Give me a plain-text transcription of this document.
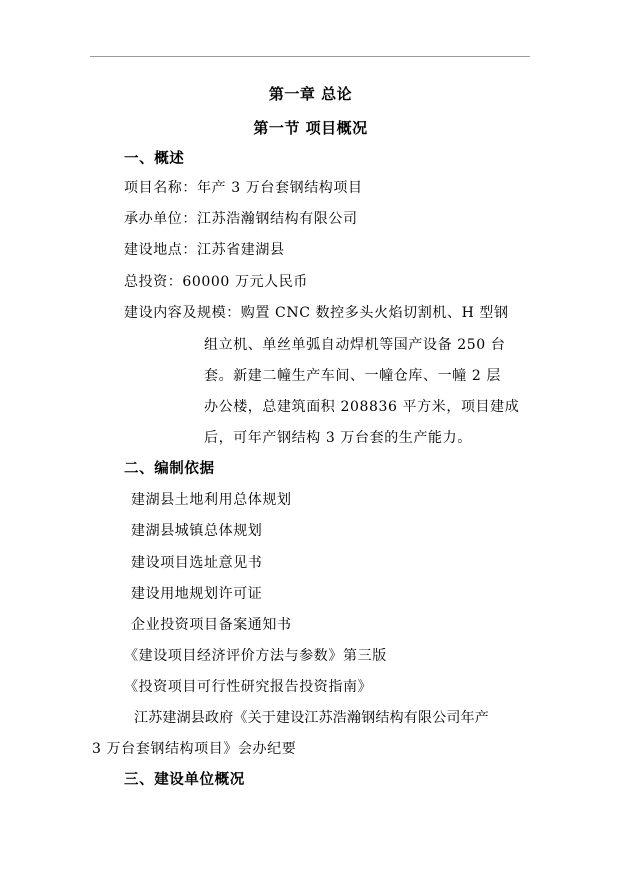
第一章 总论
第一节 项目概况
一、概述
项目名称：年产 3 万台套钢结构项目
承办单位：江苏浩瀚钢结构有限公司
建设地点：江苏省建湖县
总投资：60000 万元人民币
建设内容及规模：购置 CNC 数控多头火焰切割机、H 型钢
组立机、单丝单弧自动焊机等国产设备 250 台
套。新建二幢生产车间、一幢仓库、一幢 2 层
办公楼，总建筑面积 208836 平方米，项目建成
后，可年产钢结构 3 万台套的生产能力。
二、编制依据
建湖县土地利用总体规划
建湖县城镇总体规划
建设项目选址意见书
建设用地规划许可证
企业投资项目备案通知书
《建设项目经济评价方法与参数》第三版
《投资项目可行性研究报告投资指南》
江苏建湖县政府《关于建设江苏浩瀚钢结构有限公司年产
3 万台套钢结构项目》会办纪要
三、建设单位概况
